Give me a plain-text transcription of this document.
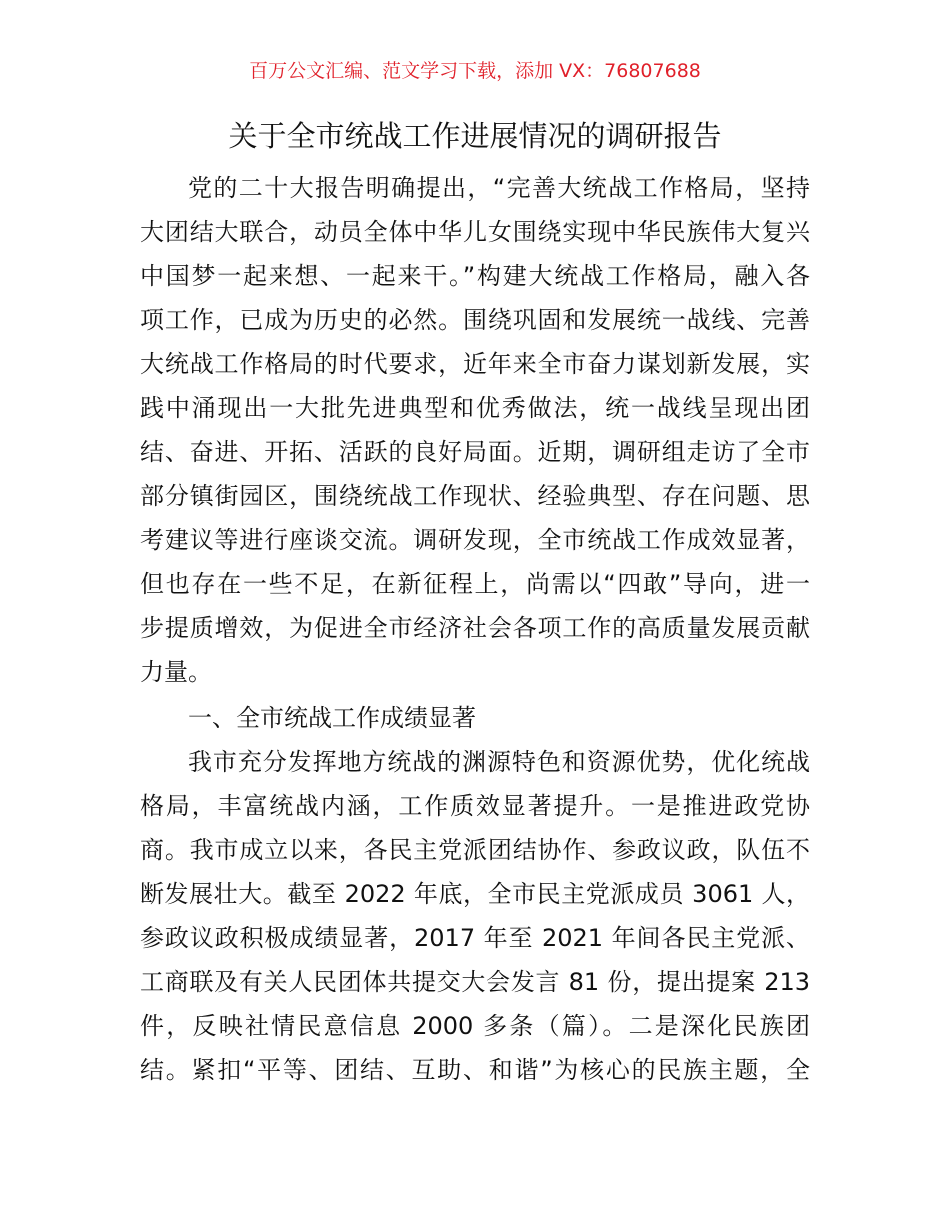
百万公文汇编、范文学习下载，添加 VX：76807688
关于全市统战工作进展情况的调研报告
党的二十大报告明确提出，“完善大统战工作格局，坚持
大团结大联合，动员全体中华儿女围绕实现中华民族伟大复兴
中国梦一起来想、一起来干。”构建大统战工作格局，融入各
项工作，已成为历史的必然。围绕巩固和发展统一战线、完善
大统战工作格局的时代要求，近年来全市奋力谋划新发展，实
践中涌现出一大批先进典型和优秀做法，统一战线呈现出团
结、奋进、开拓、活跃的良好局面。近期，调研组走访了全市
部分镇街园区，围绕统战工作现状、经验典型、存在问题、思
考建议等进行座谈交流。调研发现，全市统战工作成效显著，
但也存在一些不足，在新征程上，尚需以“四敢”导向，进一
步提质增效，为促进全市经济社会各项工作的高质量发展贡献
力量。
一、全市统战工作成绩显著
我市充分发挥地方统战的渊源特色和资源优势，优化统战
格局，丰富统战内涵，工作质效显著提升。一是推进政党协
商。我市成立以来，各民主党派团结协作、参政议政，队伍不
断发展壮大。截至 2022 年底，全市民主党派成员 3061 人，
参政议政积极成绩显著，2017 年至 2021 年间各民主党派、
工商联及有关人民团体共提交大会发言 81 份，提出提案 213
件，反映社情民意信息 2000 多条（篇）。二是深化民族团
结。紧扣“平等、团结、互助、和谐”为核心的民族主题，全
